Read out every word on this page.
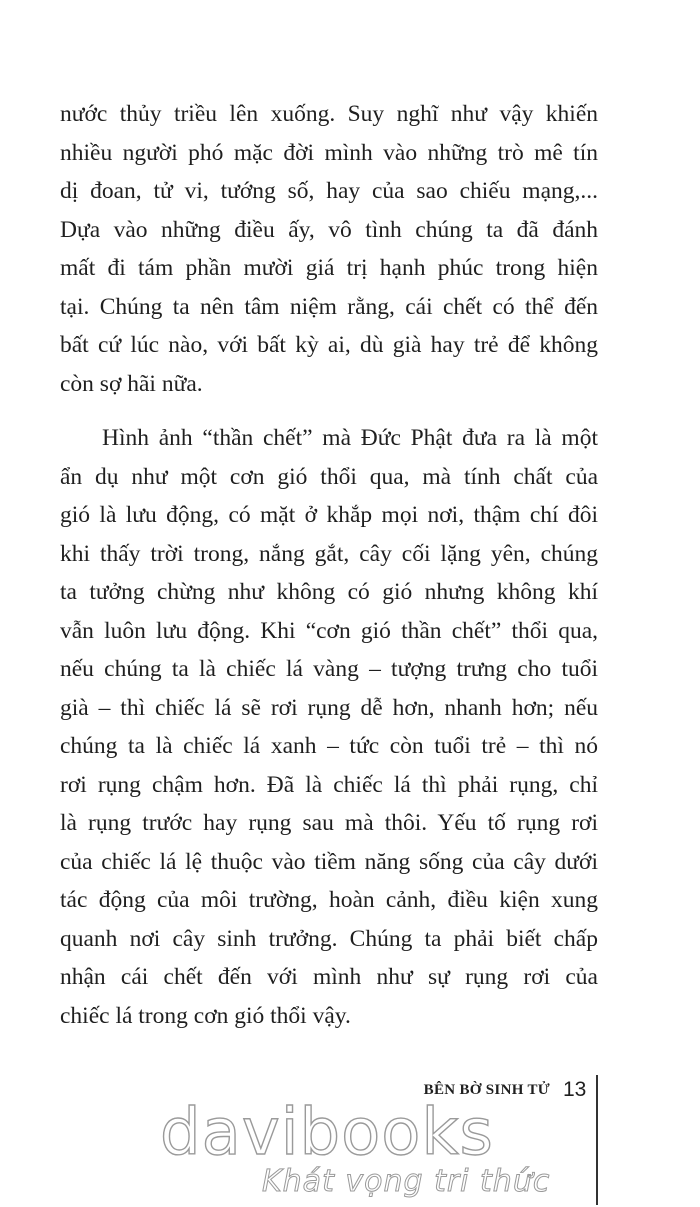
nước thủy triều lên xuống. Suy nghĩ như vậy khiến
nhiều người phó mặc đời mình vào những trò mê tín
dị đoan, tử vi, tướng số, hay của sao chiếu mạng,...
Dựa vào những điều ấy, vô tình chúng ta đã đánh
mất đi tám phần mười giá trị hạnh phúc trong hiện
tại. Chúng ta nên tâm niệm rằng, cái chết có thể đến
bất cứ lúc nào, với bất kỳ ai, dù già hay trẻ để không
còn sợ hãi nữa.

Hình ảnh “thần chết” mà Đức Phật đưa ra là một
ẩn dụ như một cơn gió thổi qua, mà tính chất của
gió là lưu động, có mặt ở khắp mọi nơi, thậm chí đôi
khi thấy trời trong, nắng gắt, cây cối lặng yên, chúng
ta tưởng chừng như không có gió nhưng không khí
vẫn luôn lưu động. Khi “cơn gió thần chết” thổi qua,
nếu chúng ta là chiếc lá vàng – tượng trưng cho tuổi
già – thì chiếc lá sẽ rơi rụng dễ hơn, nhanh hơn; nếu
chúng ta là chiếc lá xanh – tức còn tuổi trẻ – thì nó
rơi rụng chậm hơn. Đã là chiếc lá thì phải rụng, chỉ
là rụng trước hay rụng sau mà thôi. Yếu tố rụng rơi
của chiếc lá lệ thuộc vào tiềm năng sống của cây dưới
tác động của môi trường, hoàn cảnh, điều kiện xung
quanh nơi cây sinh trưởng. Chúng ta phải biết chấp
nhận cái chết đến với mình như sự rụng rơi của
chiếc lá trong cơn gió thổi vậy.

BÊN BỜ SINH TỬ 13
davibooks
Khát vọng tri thức
